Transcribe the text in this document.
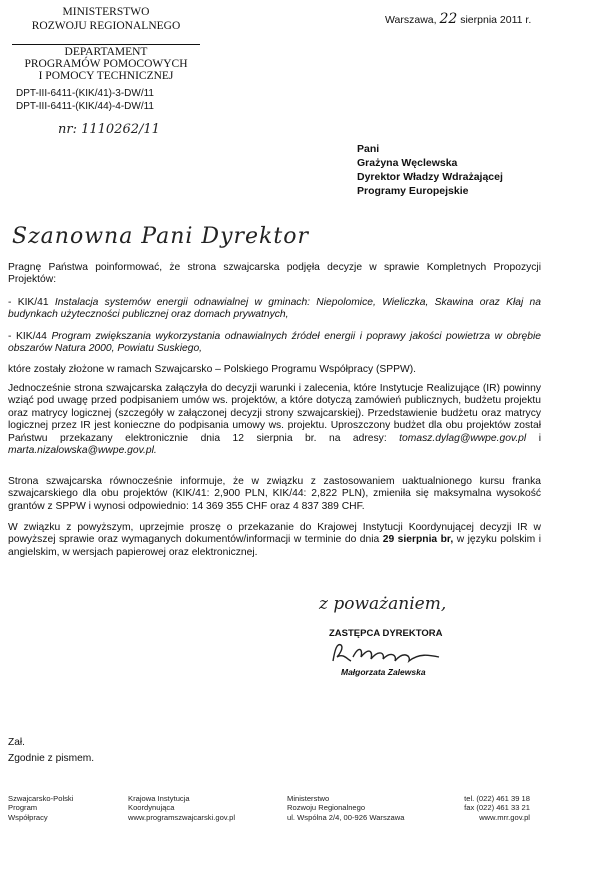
MINISTERSTWO
ROZWOJU REGIONALNEGO
DEPARTAMENT
PROGRAMÓW POMOCOWYCH
I POMOCY TECHNICZNEJ
DPT-III-6411-(KIK/41)-3-DW/11
DPT-III-6411-(KIK/44)-4-DW/11
nr: 1110262/11
Warszawa, 22 sierpnia 2011 r.
Pani
Grażyna Węclewska
Dyrektor Władzy Wdrażającej
Programy Europejskie
Szanowna Pani Dyrektor

Pragnę Państwa poinformować, że strona szwajcarska podjęła decyzje w sprawie Kompletnych Propozycji Projektów:

- KIK/41 Instalacja systemów energii odnawialnej w gminach: Niepolomice, Wieliczka, Skawina oraz Kłaj na budynkach użyteczności publicznej oraz domach prywatnych,

- KIK/44 Program zwiększania wykorzystania odnawialnych źródeł energii i poprawy jakości powietrza w obrębie obszarów Natura 2000, Powiatu Suskiego,

które zostały złożone w ramach Szwajcarsko – Polskiego Programu Współpracy (SPPW).

Jednocześnie strona szwajcarska załączyła do decyzji warunki i zalecenia, które Instytucje Realizujące (IR) powinny wziąć pod uwagę przed podpisaniem umów ws. projektów, a które dotyczą zamówień publicznych, budżetu projektu oraz matrycy logicznej (szczegóły w załączonej decyzji strony szwajcarskiej). Przedstawienie budżetu oraz matrycy logicznej przez IR jest konieczne do podpisania umowy ws. projektu. Uproszczony budżet dla obu projektów został Państwu przekazany elektronicznie dnia 12 sierpnia br. na adresy: tomasz.dylag@wwpe.gov.pl i marta.nizalowska@wwpe.gov.pl.

Strona szwajcarska równocześnie informuje, że w związku z zastosowaniem uaktualnionego kursu franka szwajcarskiego dla obu projektów (KIK/41: 2,900 PLN, KIK/44: 2,822 PLN), zmieniła się maksymalna wysokość grantów z SPPW i wynosi odpowiednio: 14 369 355 CHF oraz 4 837 389 CHF.

W związku z powyższym, uprzejmie proszę o przekazanie do Krajowej Instytucji Koordynującej decyzji IR w powyższej sprawie oraz wymaganych dokumentów/informacji w terminie do dnia 29 sierpnia br, w języku polskim i angielskim, w wersjach papierowej oraz elektronicznej.

z poważaniem,
ZASTĘPCA DYREKTORA
Małgorzata Zalewska
Zał.
Zgodnie z pismem.
Szwajcarsko-Polski
Program
Współpracy
Krajowa Instytucja
Koordynująca
www.programszwajcarski.gov.pl
Ministerstwo
Rozwoju Regionalnego
ul. Wspólna 2/4, 00-926 Warszawa
tel. (022) 461 39 18
fax (022) 461 33 21
www.mrr.gov.pl
